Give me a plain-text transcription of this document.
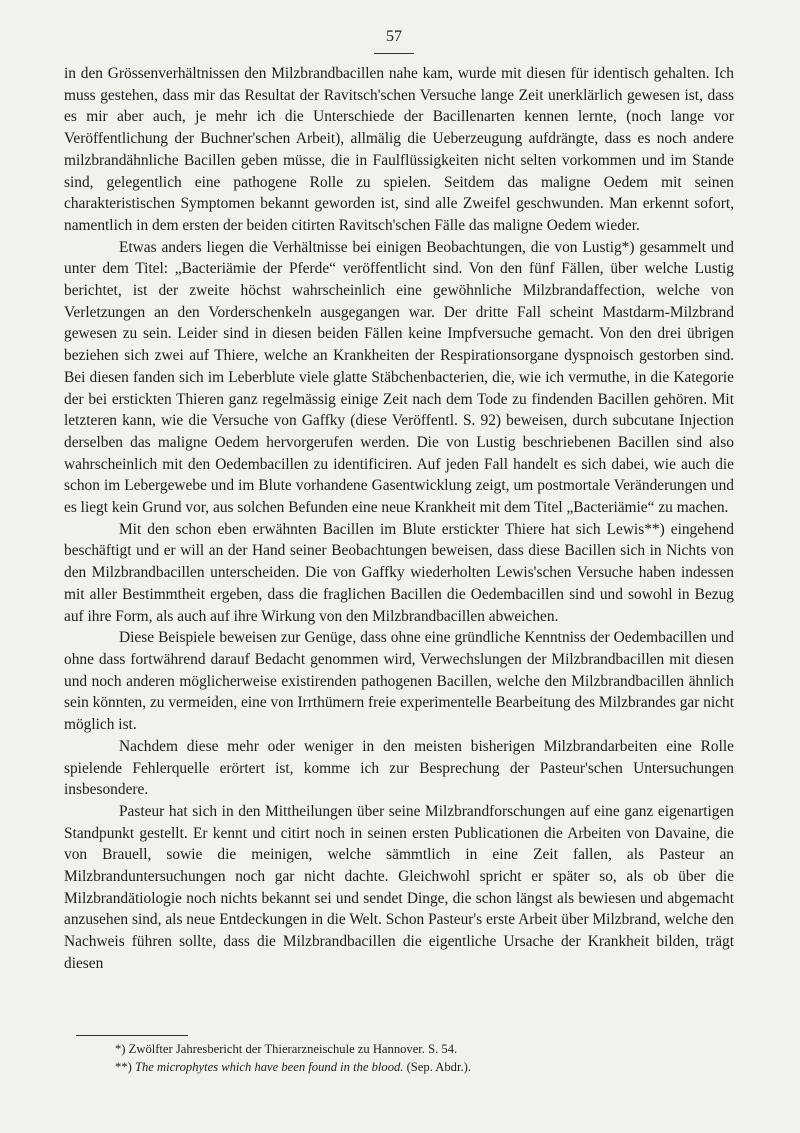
57

in den Grössenverhältnissen den Milzbrandbacillen nahe kam, wurde mit diesen für identisch gehalten. Ich muss gestehen, dass mir das Resultat der Ravitsch'schen Versuche lange Zeit unerklärlich gewesen ist, dass es mir aber auch, je mehr ich die Unterschiede der Bacillenarten kennen lernte, (noch lange vor Veröffentlichung der Buchner'schen Arbeit), allmälig die Ueberzeugung aufdrängte, dass es noch andere milzbrandähnliche Bacillen geben müsse, die in Faulflüssigkeiten nicht selten vorkommen und im Stande sind, gelegentlich eine pathogene Rolle zu spielen. Seitdem das maligne Oedem mit seinen charakteristischen Symptomen bekannt geworden ist, sind alle Zweifel geschwunden. Man erkennt sofort, namentlich in dem ersten der beiden citirten Ravitsch'schen Fälle das maligne Oedem wieder.

Etwas anders liegen die Verhältnisse bei einigen Beobachtungen, die von Lustig*) gesammelt und unter dem Titel: „Bacteriämie der Pferde“ veröffentlicht sind. Von den fünf Fällen, über welche Lustig berichtet, ist der zweite höchst wahrscheinlich eine gewöhnliche Milzbrandaffection, welche von Verletzungen an den Vorderschenkeln ausgegangen war. Der dritte Fall scheint Mastdarm-Milzbrand gewesen zu sein. Leider sind in diesen beiden Fällen keine Impfversuche gemacht. Von den drei übrigen beziehen sich zwei auf Thiere, welche an Krankheiten der Respirationsorgane dyspnoisch gestorben sind. Bei diesen fanden sich im Leberblute viele glatte Stäbchenbacterien, die, wie ich vermuthe, in die Kategorie der bei erstickten Thieren ganz regelmässig einige Zeit nach dem Tode zu findenden Bacillen gehören. Mit letzteren kann, wie die Versuche von Gaffky (diese Veröffentl. S. 92) beweisen, durch subcutane Injection derselben das maligne Oedem hervorgerufen werden. Die von Lustig beschriebenen Bacillen sind also wahrscheinlich mit den Oedembacillen zu identificiren. Auf jeden Fall handelt es sich dabei, wie auch die schon im Lebergewebe und im Blute vorhandene Gasentwicklung zeigt, um postmortale Veränderungen und es liegt kein Grund vor, aus solchen Befunden eine neue Krankheit mit dem Titel „Bacteriämie“ zu machen.

Mit den schon eben erwähnten Bacillen im Blute erstickter Thiere hat sich Lewis**) eingehend beschäftigt und er will an der Hand seiner Beobachtungen beweisen, dass diese Bacillen sich in Nichts von den Milzbrandbacillen unterscheiden. Die von Gaffky wiederholten Lewis'schen Versuche haben indessen mit aller Bestimmtheit ergeben, dass die fraglichen Bacillen die Oedembacillen sind und sowohl in Bezug auf ihre Form, als auch auf ihre Wirkung von den Milzbrandbacillen abweichen.

Diese Beispiele beweisen zur Genüge, dass ohne eine gründliche Kenntniss der Oedembacillen und ohne dass fortwährend darauf Bedacht genommen wird, Verwechslungen der Milzbrandbacillen mit diesen und noch anderen möglicherweise existirenden pathogenen Bacillen, welche den Milzbrandbacillen ähnlich sein könnten, zu vermeiden, eine von Irrthümern freie experimentelle Bearbeitung des Milzbrandes gar nicht möglich ist.

Nachdem diese mehr oder weniger in den meisten bisherigen Milzbrandarbeiten eine Rolle spielende Fehlerquelle erörtert ist, komme ich zur Besprechung der Pasteur'schen Untersuchungen insbesondere.

Pasteur hat sich in den Mittheilungen über seine Milzbrandforschungen auf eine ganz eigenartigen Standpunkt gestellt. Er kennt und citirt noch in seinen ersten Publicationen die Arbeiten von Davaine, die von Brauell, sowie die meinigen, welche sämmtlich in eine Zeit fallen, als Pasteur an Milzbranduntersuchungen noch gar nicht dachte. Gleichwohl spricht er später so, als ob über die Milzbrandätiologie noch nichts bekannt sei und sendet Dinge, die schon längst als bewiesen und abgemacht anzusehen sind, als neue Entdeckungen in die Welt. Schon Pasteur's erste Arbeit über Milzbrand, welche den Nachweis führen sollte, dass die Milzbrandbacillen die eigentliche Ursache der Krankheit bilden, trägt diesen

*) Zwölfter Jahresbericht der Thierarzneischule zu Hannover. S. 54.

**) The microphytes which have been found in the blood. (Sep. Abdr.).
